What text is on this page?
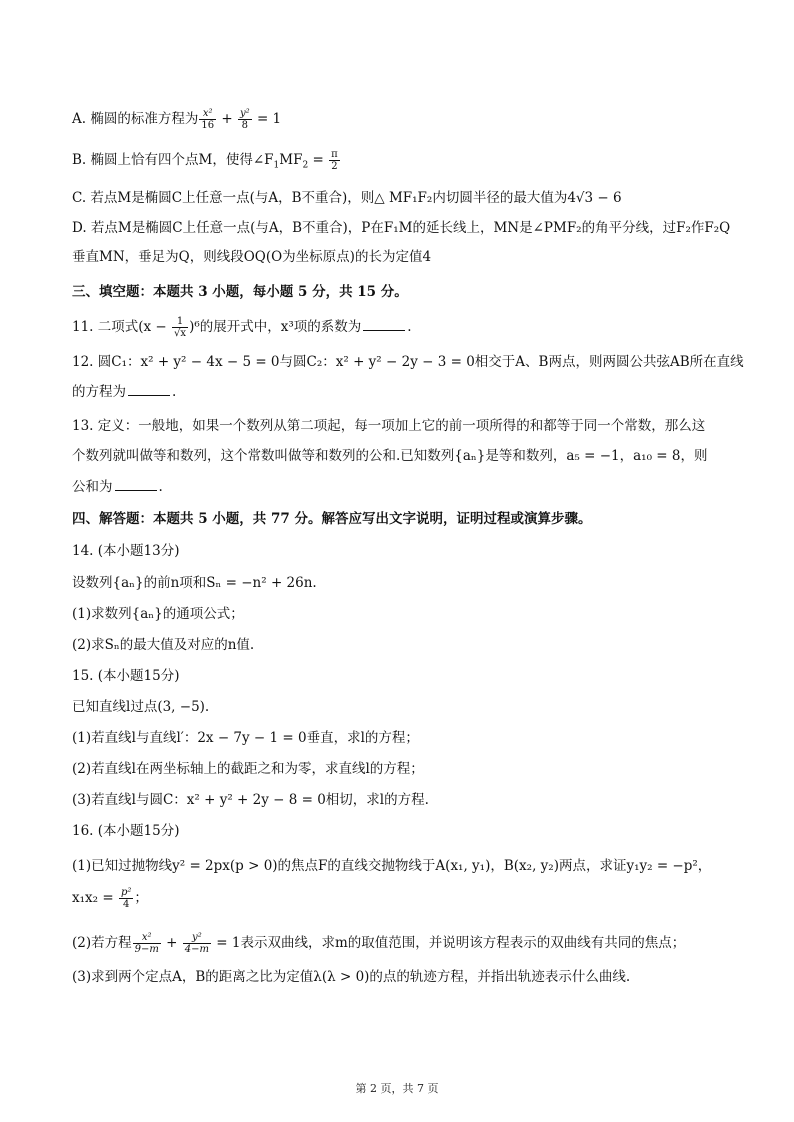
A. 椭圆的标准方程为 $\frac{\text{x²}}{16} + \frac{\text{y²}}{8} = 1$
B. 椭圆上恰有四个点M，使得$\angle F_1MF_2 = \frac{\pi}{2}$
C. 若点M是椭圆C上任意一点(与A，B不重合)，则△ MF₁F₂内切圆半径的最大值为4√3 − 6
D. 若点M是椭圆C上任意一点(与A，B不重合)，P在F₁M的延长线上，MN是∠PMF₂的角平分线，过F₂作F₂Q
垂直MN，垂足为Q，则线段OQ(O为坐标原点)的长为定值4
三、填空题：本题共 3 小题，每小题 5 分，共 15 分。
11. 二项式$(x - \frac{1}{√x} )^6$的展开式中，x³项的系数为	.
12. 圆C₁：x² + y² − 4x − 5 = 0与圆C₂：x² + y² − 2y − 3 = 0相交于A、B两点，则两圆公共弦AB所在直线
的方程为	.
13. 定义：一般地，如果一个数列从第二项起，每一项加上它的前一项所得的和都等于同一个常数，那么这
个数列就叫做等和数列，这个常数叫做等和数列的公和.已知数列{aₙ}是等和数列，a₅ = −1，a₁₀ = 8，则
公和为	.
四、解答题：本题共 5 小题，共 77 分。解答应写出文字说明，证明过程或演算步骤。
14. (本小题13分)
设数列{aₙ}的前n项和Sₙ = −n² + 26n.
(1)求数列{aₙ}的通项公式；
(2)求Sₙ的最大值及对应的n值.
15. (本小题15分)
已知直线l过点(3, −5).
(1)若直线l与直线l′：2x − 7y − 1 = 0垂直，求l的方程；
(2)若直线l在两坐标轴上的截距之和为零，求直线l的方程；
(3)若直线l与圆C：x² + y² + 2y − 8 = 0相切，求l的方程.
16. (本小题15分)
(1)已知过抛物线y² = 2px(p > 0)的焦点F的直线交抛物线于A(x₁, y₁)，B(x₂, y₂)两点，求证y₁y₂ = −p²，
$x_1x_2 = \frac{\text{p²}}{4}$ ；
(2)若方程 $\frac{\text{x²}}{9-m} + \frac{\text{y²}}{4-m} = 1$表示双曲线，求m的取值范围，并说明该方程表示的双曲线有共同的焦点；
(3)求到两个定点A，B的距离之比为定值λ(λ > 0)的点的轨迹方程，并指出轨迹表示什么曲线.
第 2 页，共 7 页
